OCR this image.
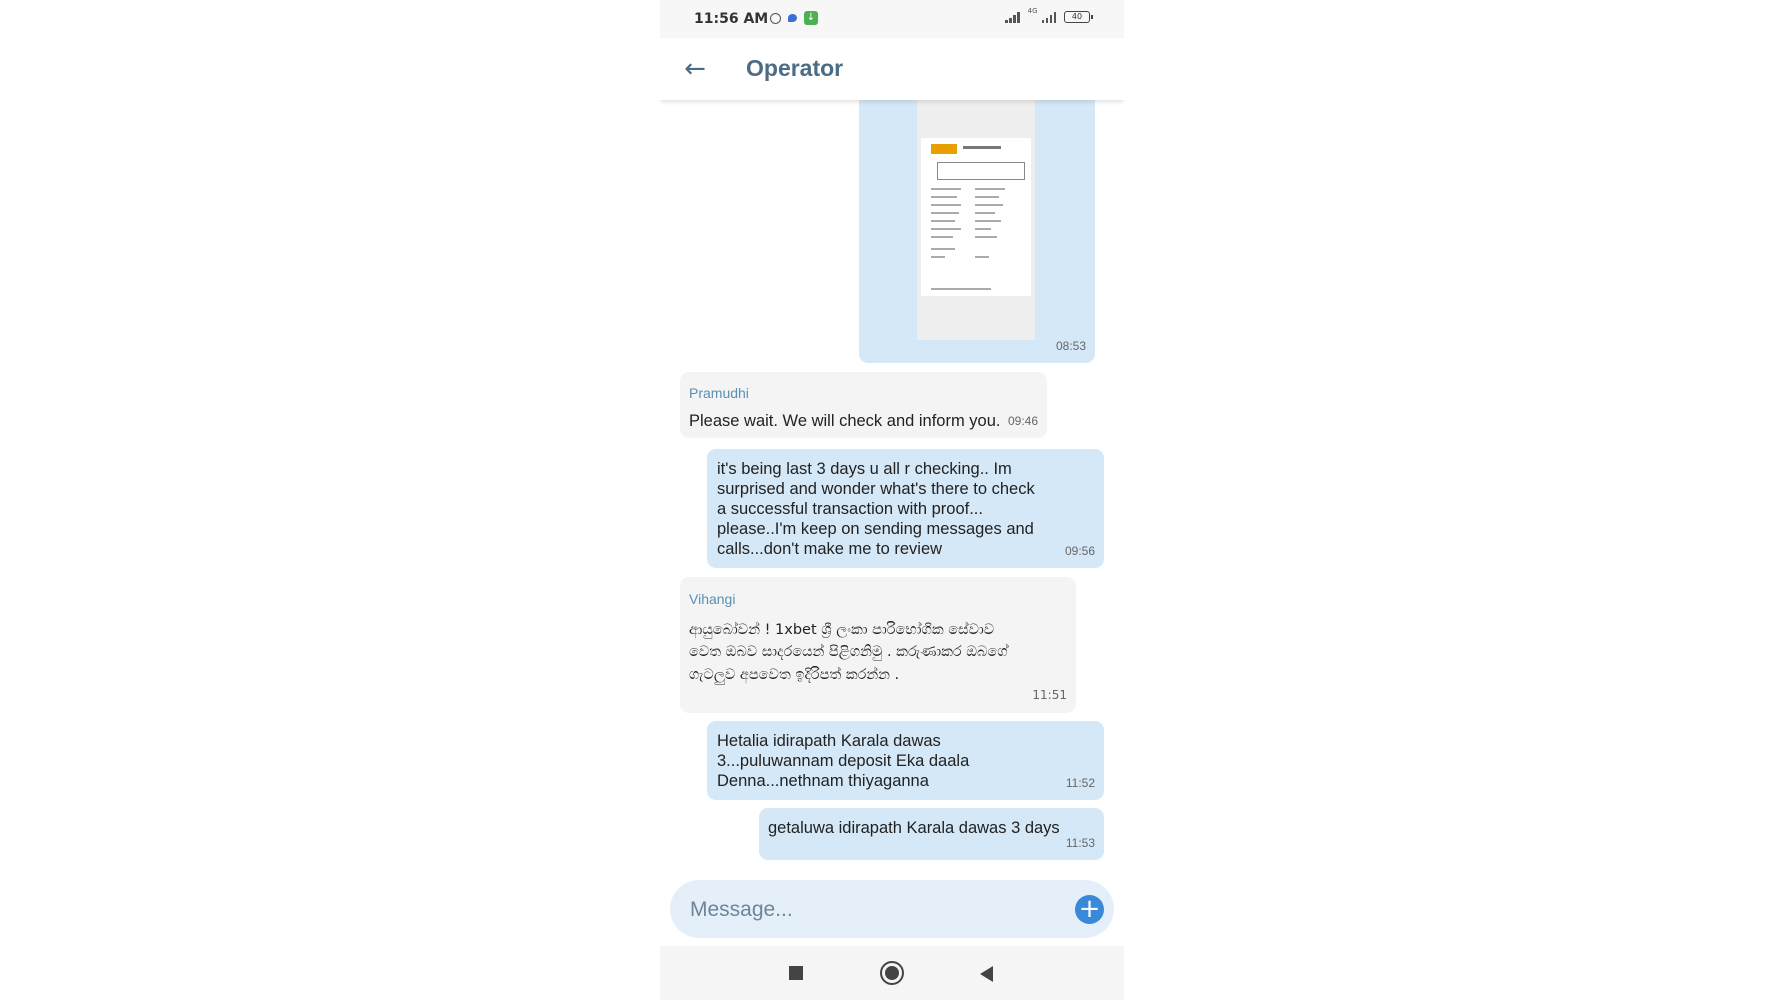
11:56 AM	↓
4G
40
← Operator
08:53
Pramudhi
Please wait. We will check and inform you. 09:46
it's being last 3 days u all r checking.. Im surprised and wonder what's there to check a successful transaction with proof... please..I'm keep on sending messages and calls...don't make me to review	09:56
Vihangi
ආයුබෝවන් ! 1xbet ශ්‍රී ලංකා පාරිභෝගික සේවාව වෙත ඔබව සාදරයෙන් පිළිගනිමු . කරුණාකර ඔබගේ ගැටලුව අපවෙත ඉදිරිපත් කරන්න .
11:51
Hetalia idirapath Karala dawas 3...puluwannam deposit Eka daala Denna...nethnam thiyaganna	11:52
getaluwa idirapath Karala dawas 3 days
11:53
Message...
+
